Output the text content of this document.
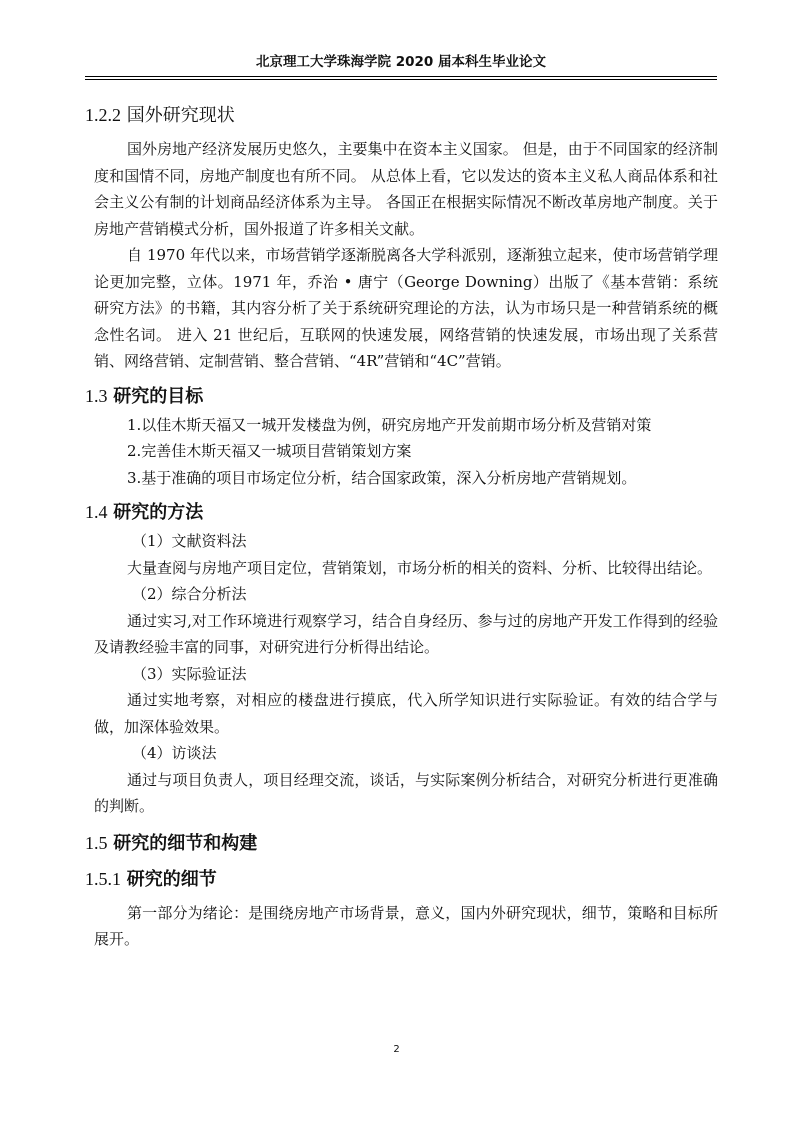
北京理工大学珠海学院 2020 届本科生毕业论文
1.2.2 国外研究现状

国外房地产经济发展历史悠久，主要集中在资本主义国家。 但是，由于不同国家的经济制度和国情不同，房地产制度也有所不同。 从总体上看，它以发达的资本主义私人商品体系和社会主义公有制的计划商品经济体系为主导。 各国正在根据实际情况不断改革房地产制度。关于房地产营销模式分析，国外报道了许多相关文献。

自 1970 年代以来，市场营销学逐渐脱离各大学科派别，逐渐独立起来，使市场营销学理论更加完整，立体。1971 年，乔治 • 唐宁（George Downing）出版了《基本营销：系统研究方法》的书籍，其内容分析了关于系统研究理论的方法，认为市场只是一种营销系统的概念性名词。 进入 21 世纪后，互联网的快速发展，网络营销的快速发展，市场出现了关系营销、网络营销、定制营销、整合营销、“4R”营销和“4C”营销。

1.3 研究的目标

1.以佳木斯天福又一城开发楼盘为例，研究房地产开发前期市场分析及营销对策

2.完善佳木斯天福又一城项目营销策划方案

3.基于准确的项目市场定位分析，结合国家政策，深入分析房地产营销规划。

1.4 研究的方法

（1）文献资料法

大量查阅与房地产项目定位，营销策划，市场分析的相关的资料、分析、比较得出结论。

（2）综合分析法

通过实习,对工作环境进行观察学习，结合自身经历、参与过的房地产开发工作得到的经验及请教经验丰富的同事，对研究进行分析得出结论。

（3）实际验证法

通过实地考察，对相应的楼盘进行摸底，代入所学知识进行实际验证。有效的结合学与做，加深体验效果。

（4）访谈法

通过与项目负责人，项目经理交流，谈话，与实际案例分析结合，对研究分析进行更准确的判断。

1.5 研究的细节和构建
1.5.1 研究的细节

第一部分为绪论：是围绕房地产市场背景，意义，国内外研究现状，细节，策略和目标所展开。

2
